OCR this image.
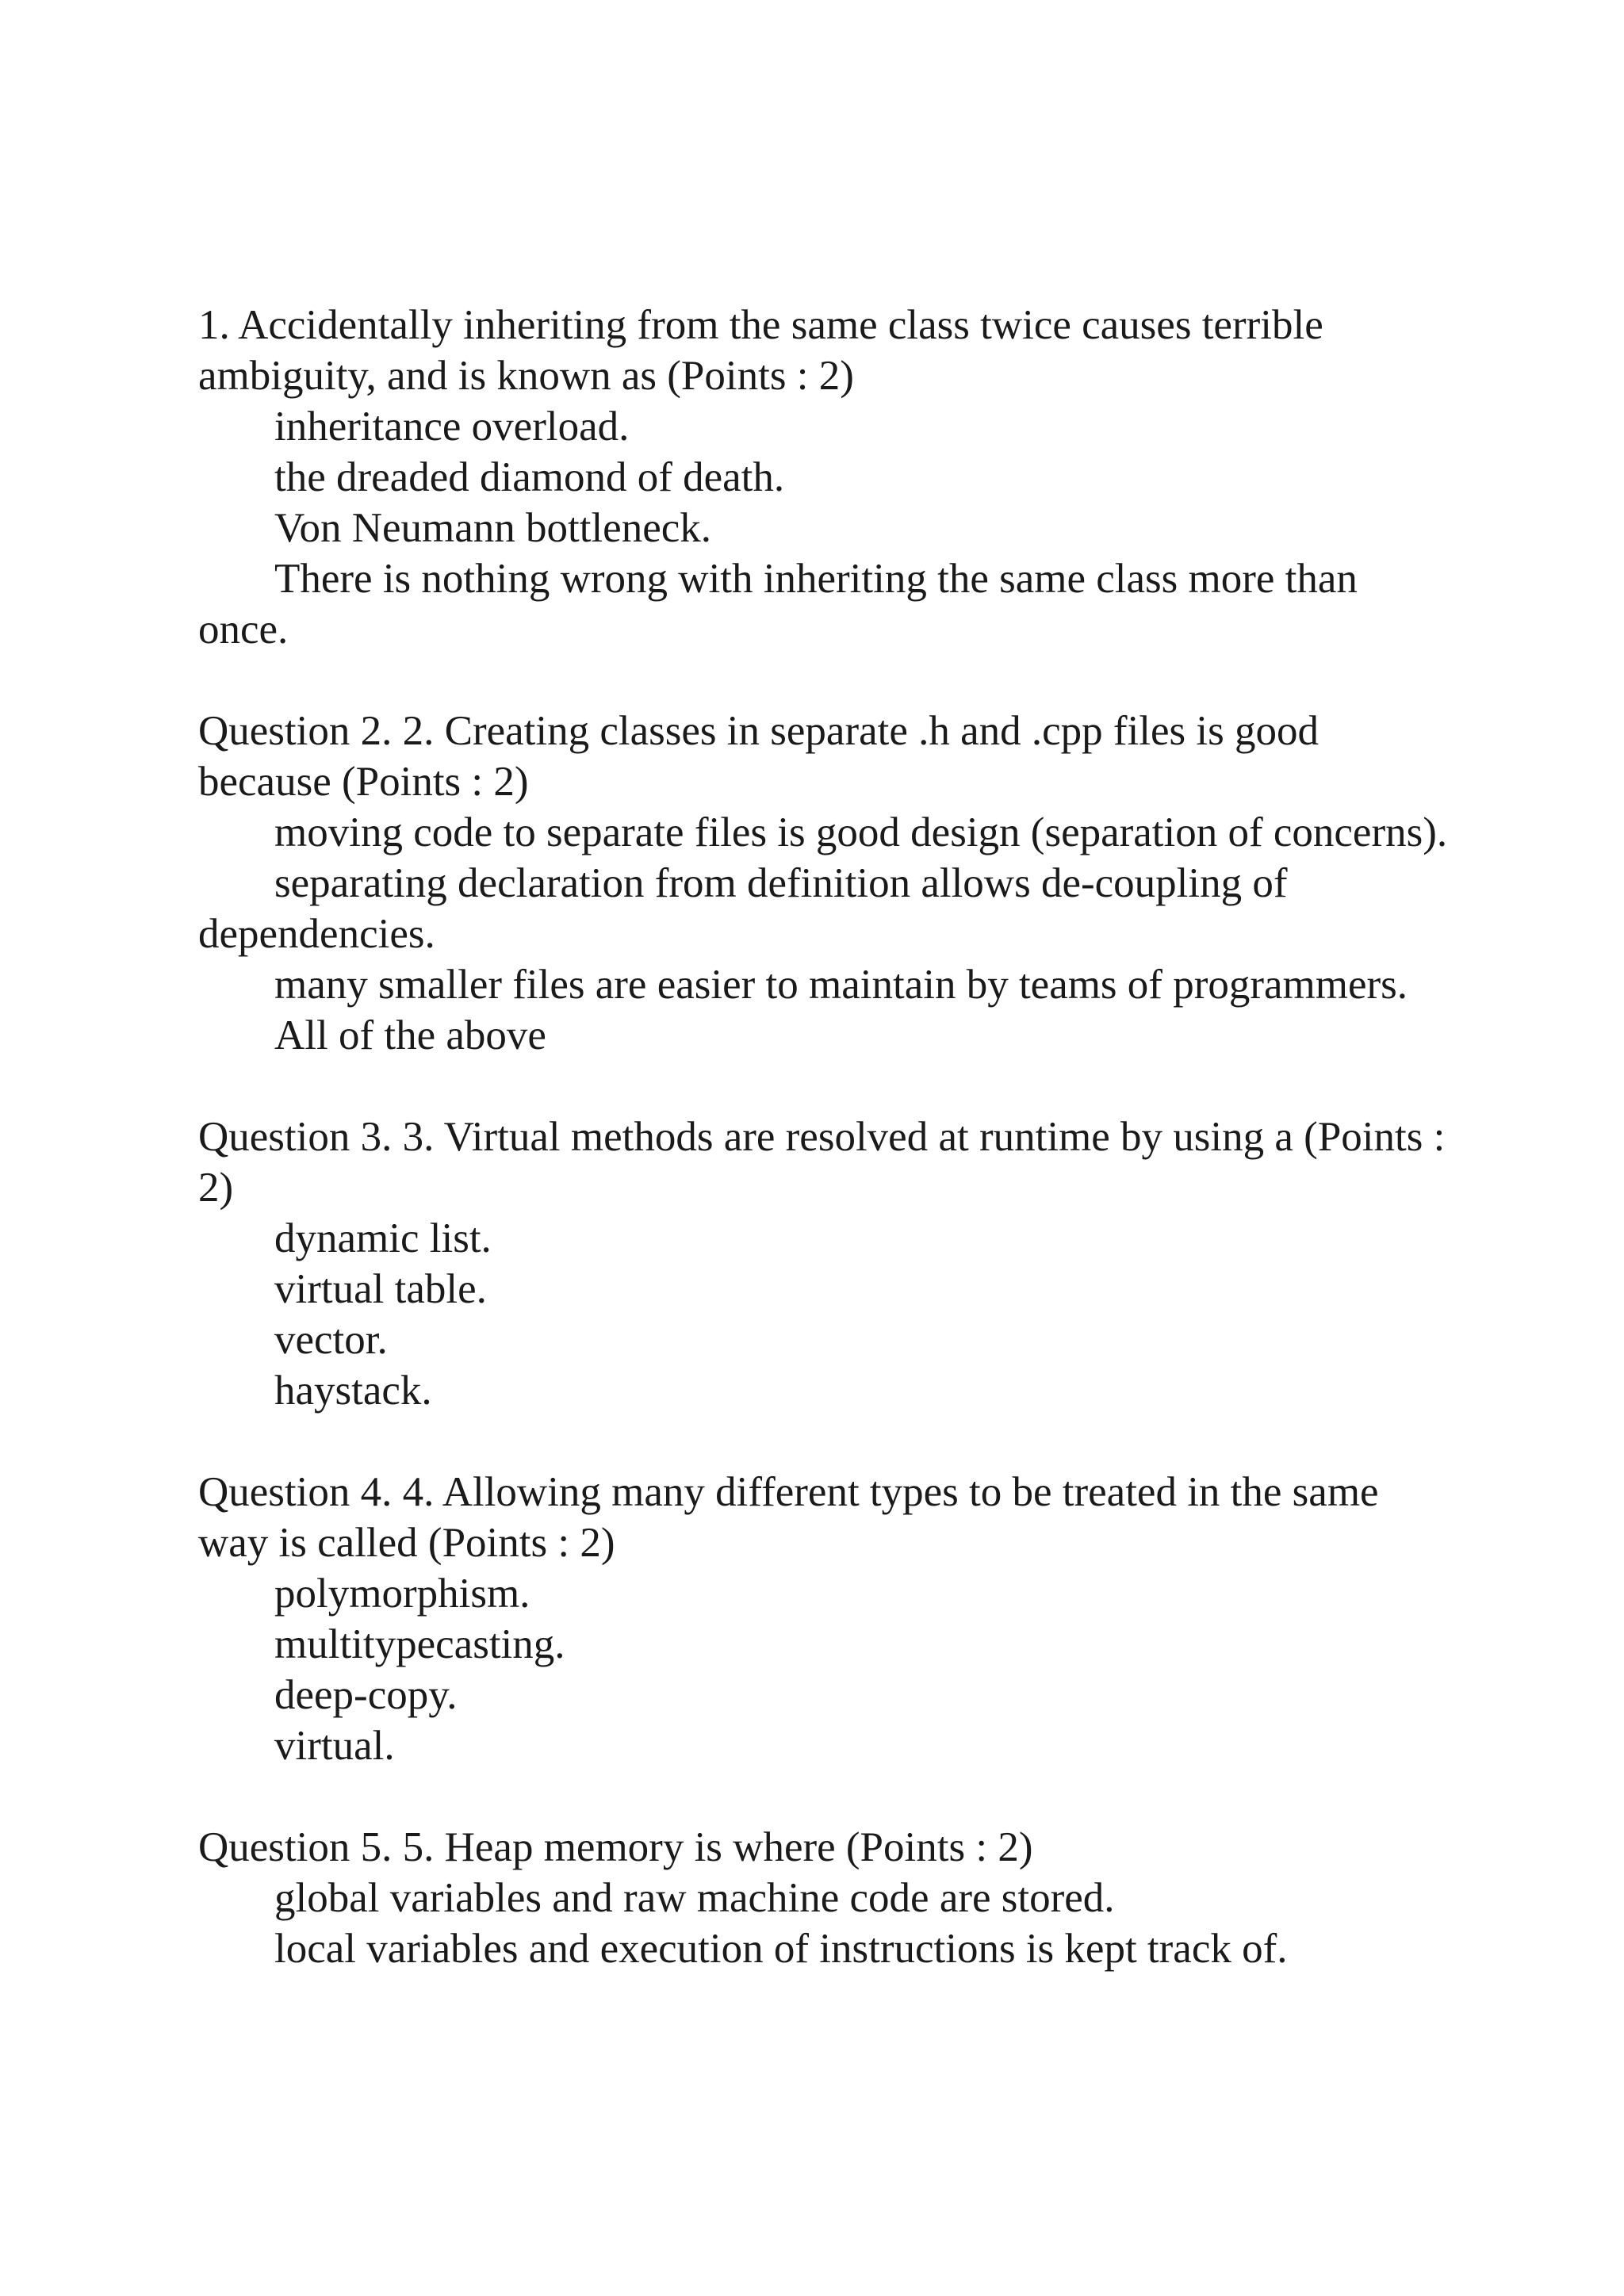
1. Accidentally inheriting from the same class twice causes terrible ambiguity, and is known as (Points : 2)

inheritance overload.
the dreaded diamond of death.
Von Neumann bottleneck.
There is nothing wrong with inheriting the same class more than once.

Question 2. 2. Creating classes in separate .h and .cpp files is good because (Points : 2)

moving code to separate files is good design (separation of concerns).
separating declaration from definition allows de-coupling of dependencies.
many smaller files are easier to maintain by teams of programmers.
All of the above

Question 3. 3. Virtual methods are resolved at runtime by using a (Points : 2)

dynamic list.
virtual table.
vector.
haystack.

Question 4. 4. Allowing many different types to be treated in the same way is called (Points : 2)

polymorphism.
multitypecasting.
deep-copy.
virtual.

Question 5. 5. Heap memory is where (Points : 2)

global variables and raw machine code are stored.
local variables and execution of instructions is kept track of.
